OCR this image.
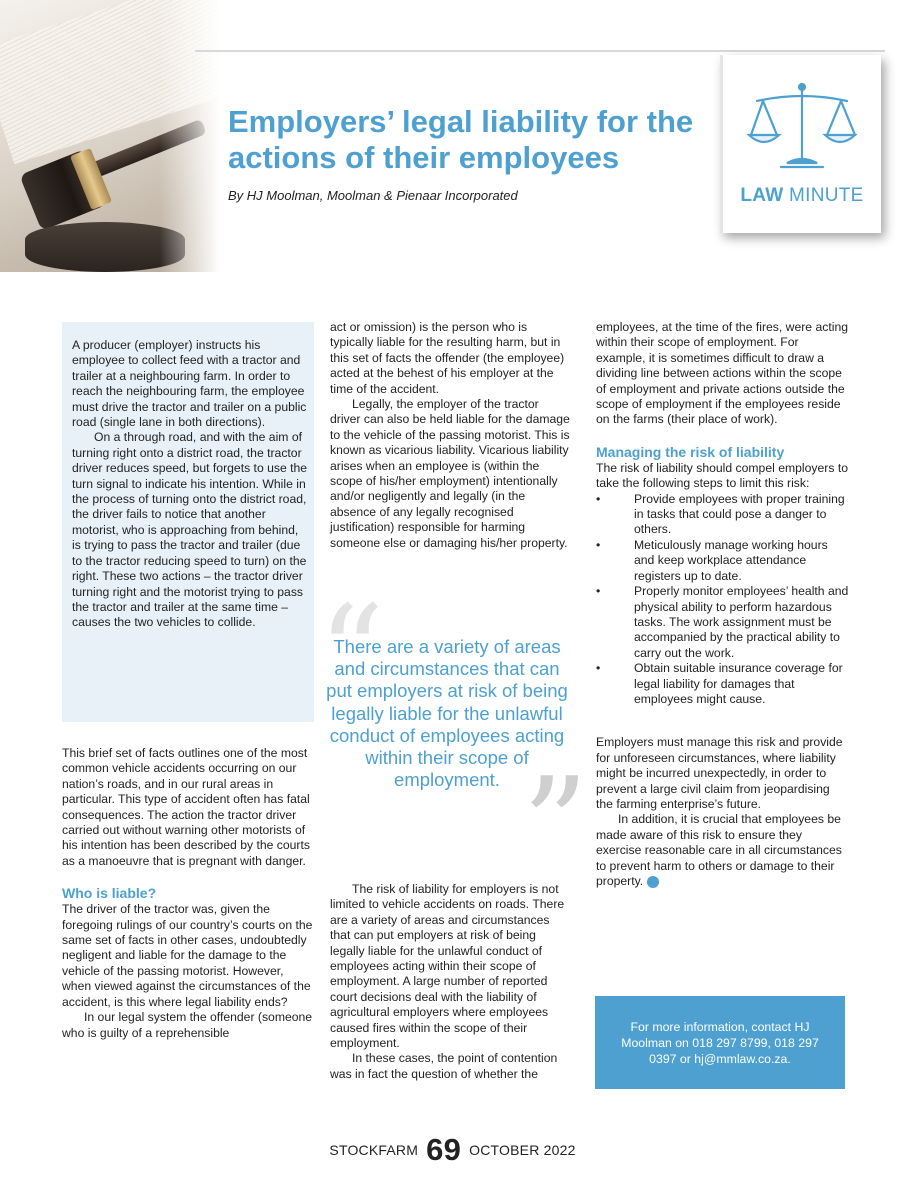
Employers’ legal liability for the actions of their employees
By HJ Moolman, Moolman & Pienaar Incorporated	LAW MINUTE

A producer (employer) instructs his employee to collect feed with a tractor and trailer at a neighbouring farm. In order to reach the neighbouring farm, the employee must drive the tractor and trailer on a public road (single lane in both directions).

On a through road, and with the aim of turning right onto a district road, the tractor driver reduces speed, but forgets to use the turn signal to indicate his intention. While in the process of turning onto the district road, the driver fails to notice that another motorist, who is approaching from behind, is trying to pass the tractor and trailer (due to the tractor reducing speed to turn) on the right. These two actions – the tractor driver turning right and the motorist trying to pass the tractor and trailer at the same time – causes the two vehicles to collide.

This brief set of facts outlines one of the most common vehicle accidents occurring on our nation’s roads, and in our rural areas in particular. This type of accident often has fatal consequences. The action the tractor driver carried out without warning other motorists of his intention has been described by the courts as a manoeuvre that is pregnant with danger.

Who is liable?

The driver of the tractor was, given the foregoing rulings of our country’s courts on the same set of facts in other cases, undoubtedly negligent and liable for the damage to the vehicle of the passing motorist. However, when viewed against the circumstances of the accident, is this where legal liability ends?

In our legal system the offender (someone who is guilty of a reprehensible

act or omission) is the person who is typically liable for the resulting harm, but in this set of facts the offender (the employee) acted at the behest of his employer at the time of the accident.

Legally, the employer of the tractor driver can also be held liable for the damage to the vehicle of the passing motorist. This is known as vicarious liability. Vicarious liability arises when an employee is (within the scope of his/her employment) intentionally and/or negligently and legally (in the absence of any legally recognised justification) responsible for harming someone else or damaging his/her property.

“
There are a variety of areas and circumstances that can put employers at risk of being legally liable for the unlawful conduct of employees acting within their scope of employment. ”

The risk of liability for employers is not limited to vehicle accidents on roads. There are a variety of areas and circumstances that can put employers at risk of being legally liable for the unlawful conduct of employees acting within their scope of employment. A large number of reported court decisions deal with the liability of agricultural employers where employees caused fires within the scope of their employment.

In these cases, the point of contention was in fact the question of whether the

employees, at the time of the fires, were acting within their scope of employment. For example, it is sometimes difficult to draw a dividing line between actions within the scope of employment and private actions outside the scope of employment if the employees reside on the farms (their place of work).

Managing the risk of liability

The risk of liability should compel employers to take the following steps to limit this risk:

• Provide employees with proper training in tasks that could pose a danger to others.
• Meticulously manage working hours and keep workplace attendance registers up to date.
• Properly monitor employees’ health and physical ability to perform hazardous tasks. The work assignment must be accompanied by the practical ability to carry out the work.
• Obtain suitable insurance coverage for legal liability for damages that employees might cause.

Employers must manage this risk and provide for unforeseen circumstances, where liability might be incurred unexpectedly, in order to prevent a large civil claim from jeopardising the farming enterprise’s future.

In addition, it is crucial that employees be made aware of this risk to ensure they exercise reasonable care in all circumstances to prevent harm to others or damage to their property.	SF

For more information, contact HJ Moolman on 018 297 8799, 018 297 0397 or hj@mmlaw.co.za.
STOCKFARM 69 OCTOBER 2022
